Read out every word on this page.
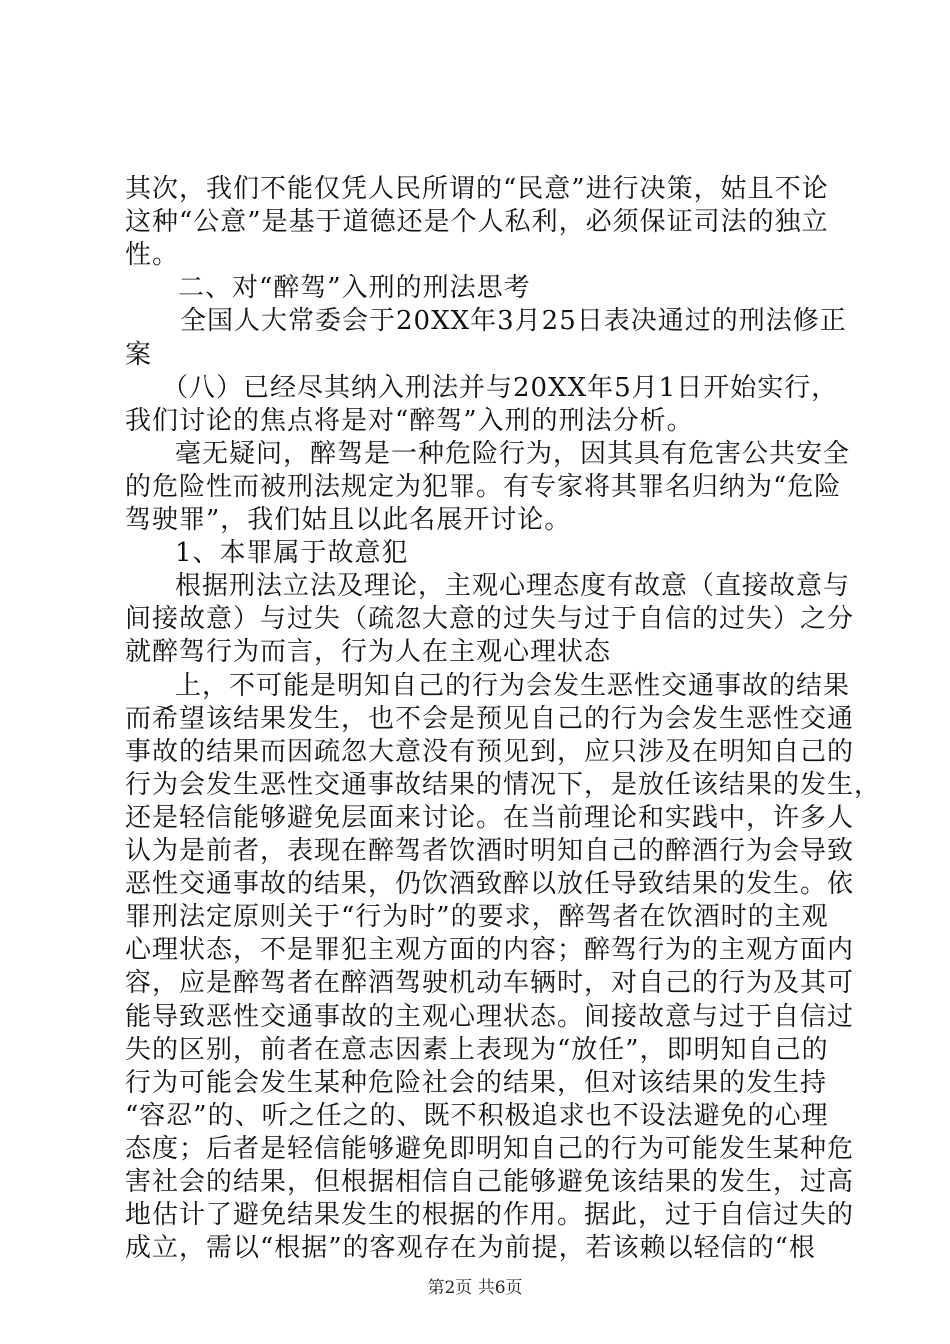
其次，我们不能仅凭人民所谓的“民意”进行决策，姑且不论
这种“公意”是基于道德还是个人私利，必须保证司法的独立
性。
二、对“醉驾”入刑的刑法思考
全国人大常委会于20XX年3月25日表决通过的刑法修正
案
（八）已经尽其纳入刑法并与20XX年5月1日开始实行，
我们讨论的焦点将是对“醉驾”入刑的刑法分析。
毫无疑问，醉驾是一种危险行为，因其具有危害公共安全
的危险性而被刑法规定为犯罪。有专家将其罪名归纳为“危险
驾驶罪”，我们姑且以此名展开讨论。
1、本罪属于故意犯
根据刑法立法及理论，主观心理态度有故意（直接故意与
间接故意）与过失（疏忽大意的过失与过于自信的过失）之分
就醉驾行为而言，行为人在主观心理状态
上，不可能是明知自己的行为会发生恶性交通事故的结果
而希望该结果发生，也不会是预见自己的行为会发生恶性交通
事故的结果而因疏忽大意没有预见到，应只涉及在明知自己的
行为会发生恶性交通事故结果的情况下，是放任该结果的发生，
还是轻信能够避免层面来讨论。在当前理论和实践中，许多人
认为是前者，表现在醉驾者饮酒时明知自己的醉酒行为会导致
恶性交通事故的结果，仍饮酒致醉以放任导致结果的发生。依
罪刑法定原则关于“行为时”的要求，醉驾者在饮酒时的主观
心理状态，不是罪犯主观方面的内容；醉驾行为的主观方面内
容，应是醉驾者在醉酒驾驶机动车辆时，对自己的行为及其可
能导致恶性交通事故的主观心理状态。间接故意与过于自信过
失的区别，前者在意志因素上表现为“放任”，即明知自己的
行为可能会发生某种危险社会的结果，但对该结果的发生持
“容忍”的、听之任之的、既不积极追求也不设法避免的心理
态度；后者是轻信能够避免即明知自己的行为可能发生某种危
害社会的结果，但根据相信自己能够避免该结果的发生，过高
地估计了避免结果发生的根据的作用。据此，过于自信过失的
第2页 共6页
成立，需以“根据”的客观存在为前提，若该赖以轻信的“根
